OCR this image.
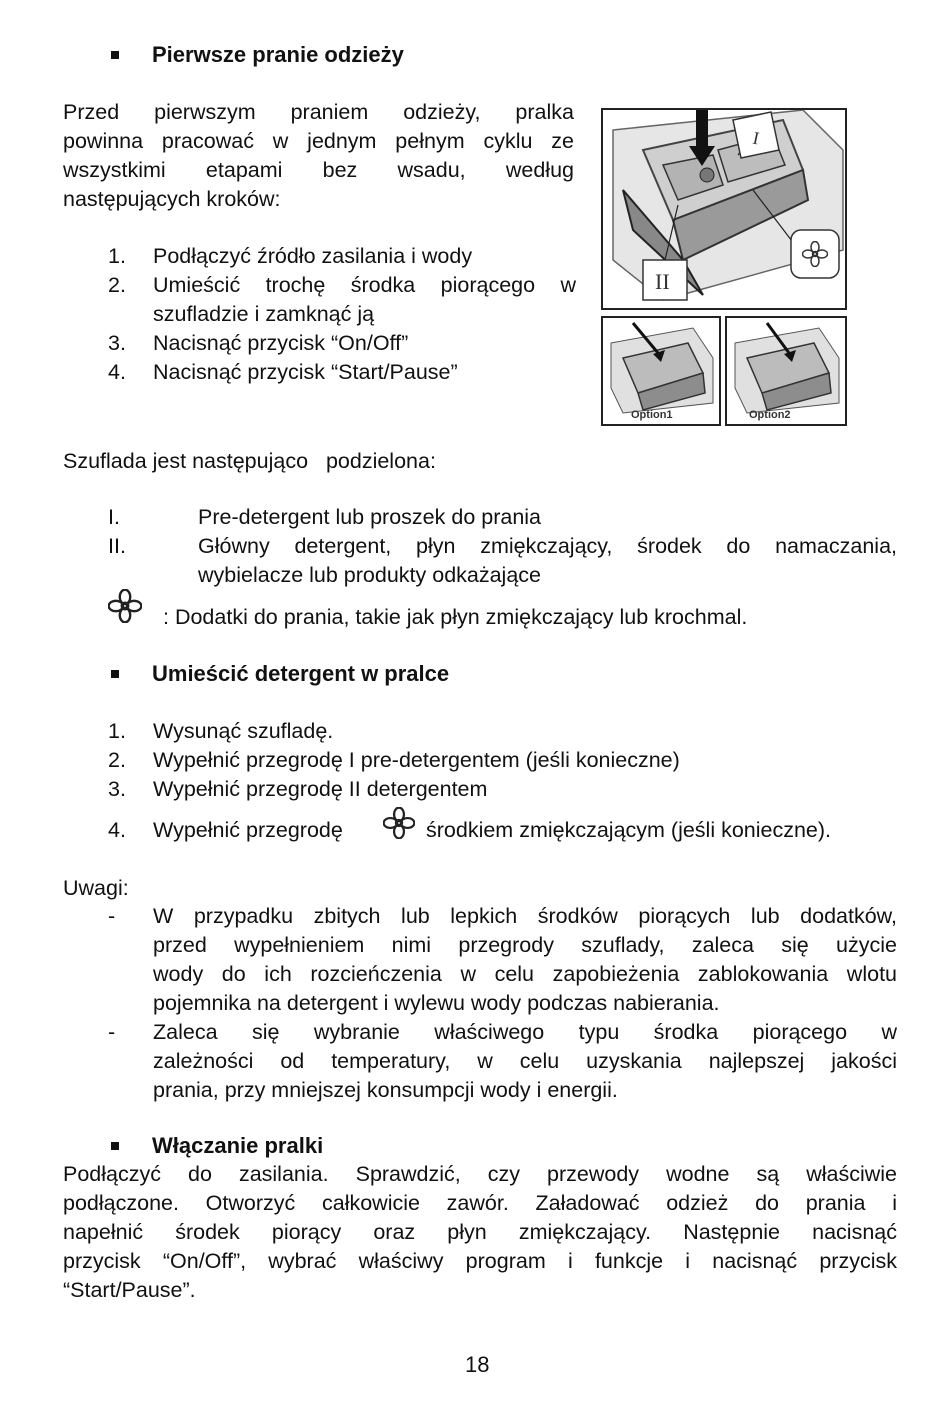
Pierwsze pranie odzieży
Przed pierwszym praniem odzieży, pralka
powinna pracować w jednym pełnym cyklu ze
wszystkimi etapami bez wsadu, według
następujących kroków:
1. Podłączyć źródło zasilania i wody
2. Umieścić trochę środka piorącego w
szufladzie i zamknąć ją
3. Nacisnąć przycisk “On/Off”
4. Nacisnąć przycisk “Start/Pause”
I
II
Option1	Option2
Szuflada jest następująco   podzielona:
I.	Pre-detergent lub proszek do prania
II.	Główny detergent, płyn zmiękczający, środek do namaczania,
wybielacze lub produkty odkażające
: Dodatki do prania, takie jak płyn zmiękczający lub krochmal.
Umieścić detergent w pralce
1. Wysunąć szufladę.
2. Wypełnić przegrodę I pre-detergentem (jeśli konieczne)
3. Wypełnić przegrodę II detergentem
4. Wypełnić przegrodę	środkiem zmiękczającym (jeśli konieczne).
Uwagi:
- W przypadku zbitych lub lepkich środków piorących lub dodatków,
przed wypełnieniem nimi przegrody szuflady, zaleca się użycie
wody do ich rozcieńczenia w celu zapobieżenia zablokowania wlotu
pojemnika na detergent i wylewu wody podczas nabierania.
- Zaleca się wybranie właściwego typu środka piorącego w
zależności od temperatury, w celu uzyskania najlepszej jakości
prania, przy mniejszej konsumpcji wody i energii.
Włączanie pralki
Podłączyć do zasilania. Sprawdzić, czy przewody wodne są właściwie
podłączone. Otworzyć całkowicie zawór. Załadować odzież do prania i
napełnić środek piorący oraz płyn zmiękczający. Następnie nacisnąć
przycisk “On/Off”, wybrać właściwy program i funkcje i nacisnąć przycisk
“Start/Pause”.
18
